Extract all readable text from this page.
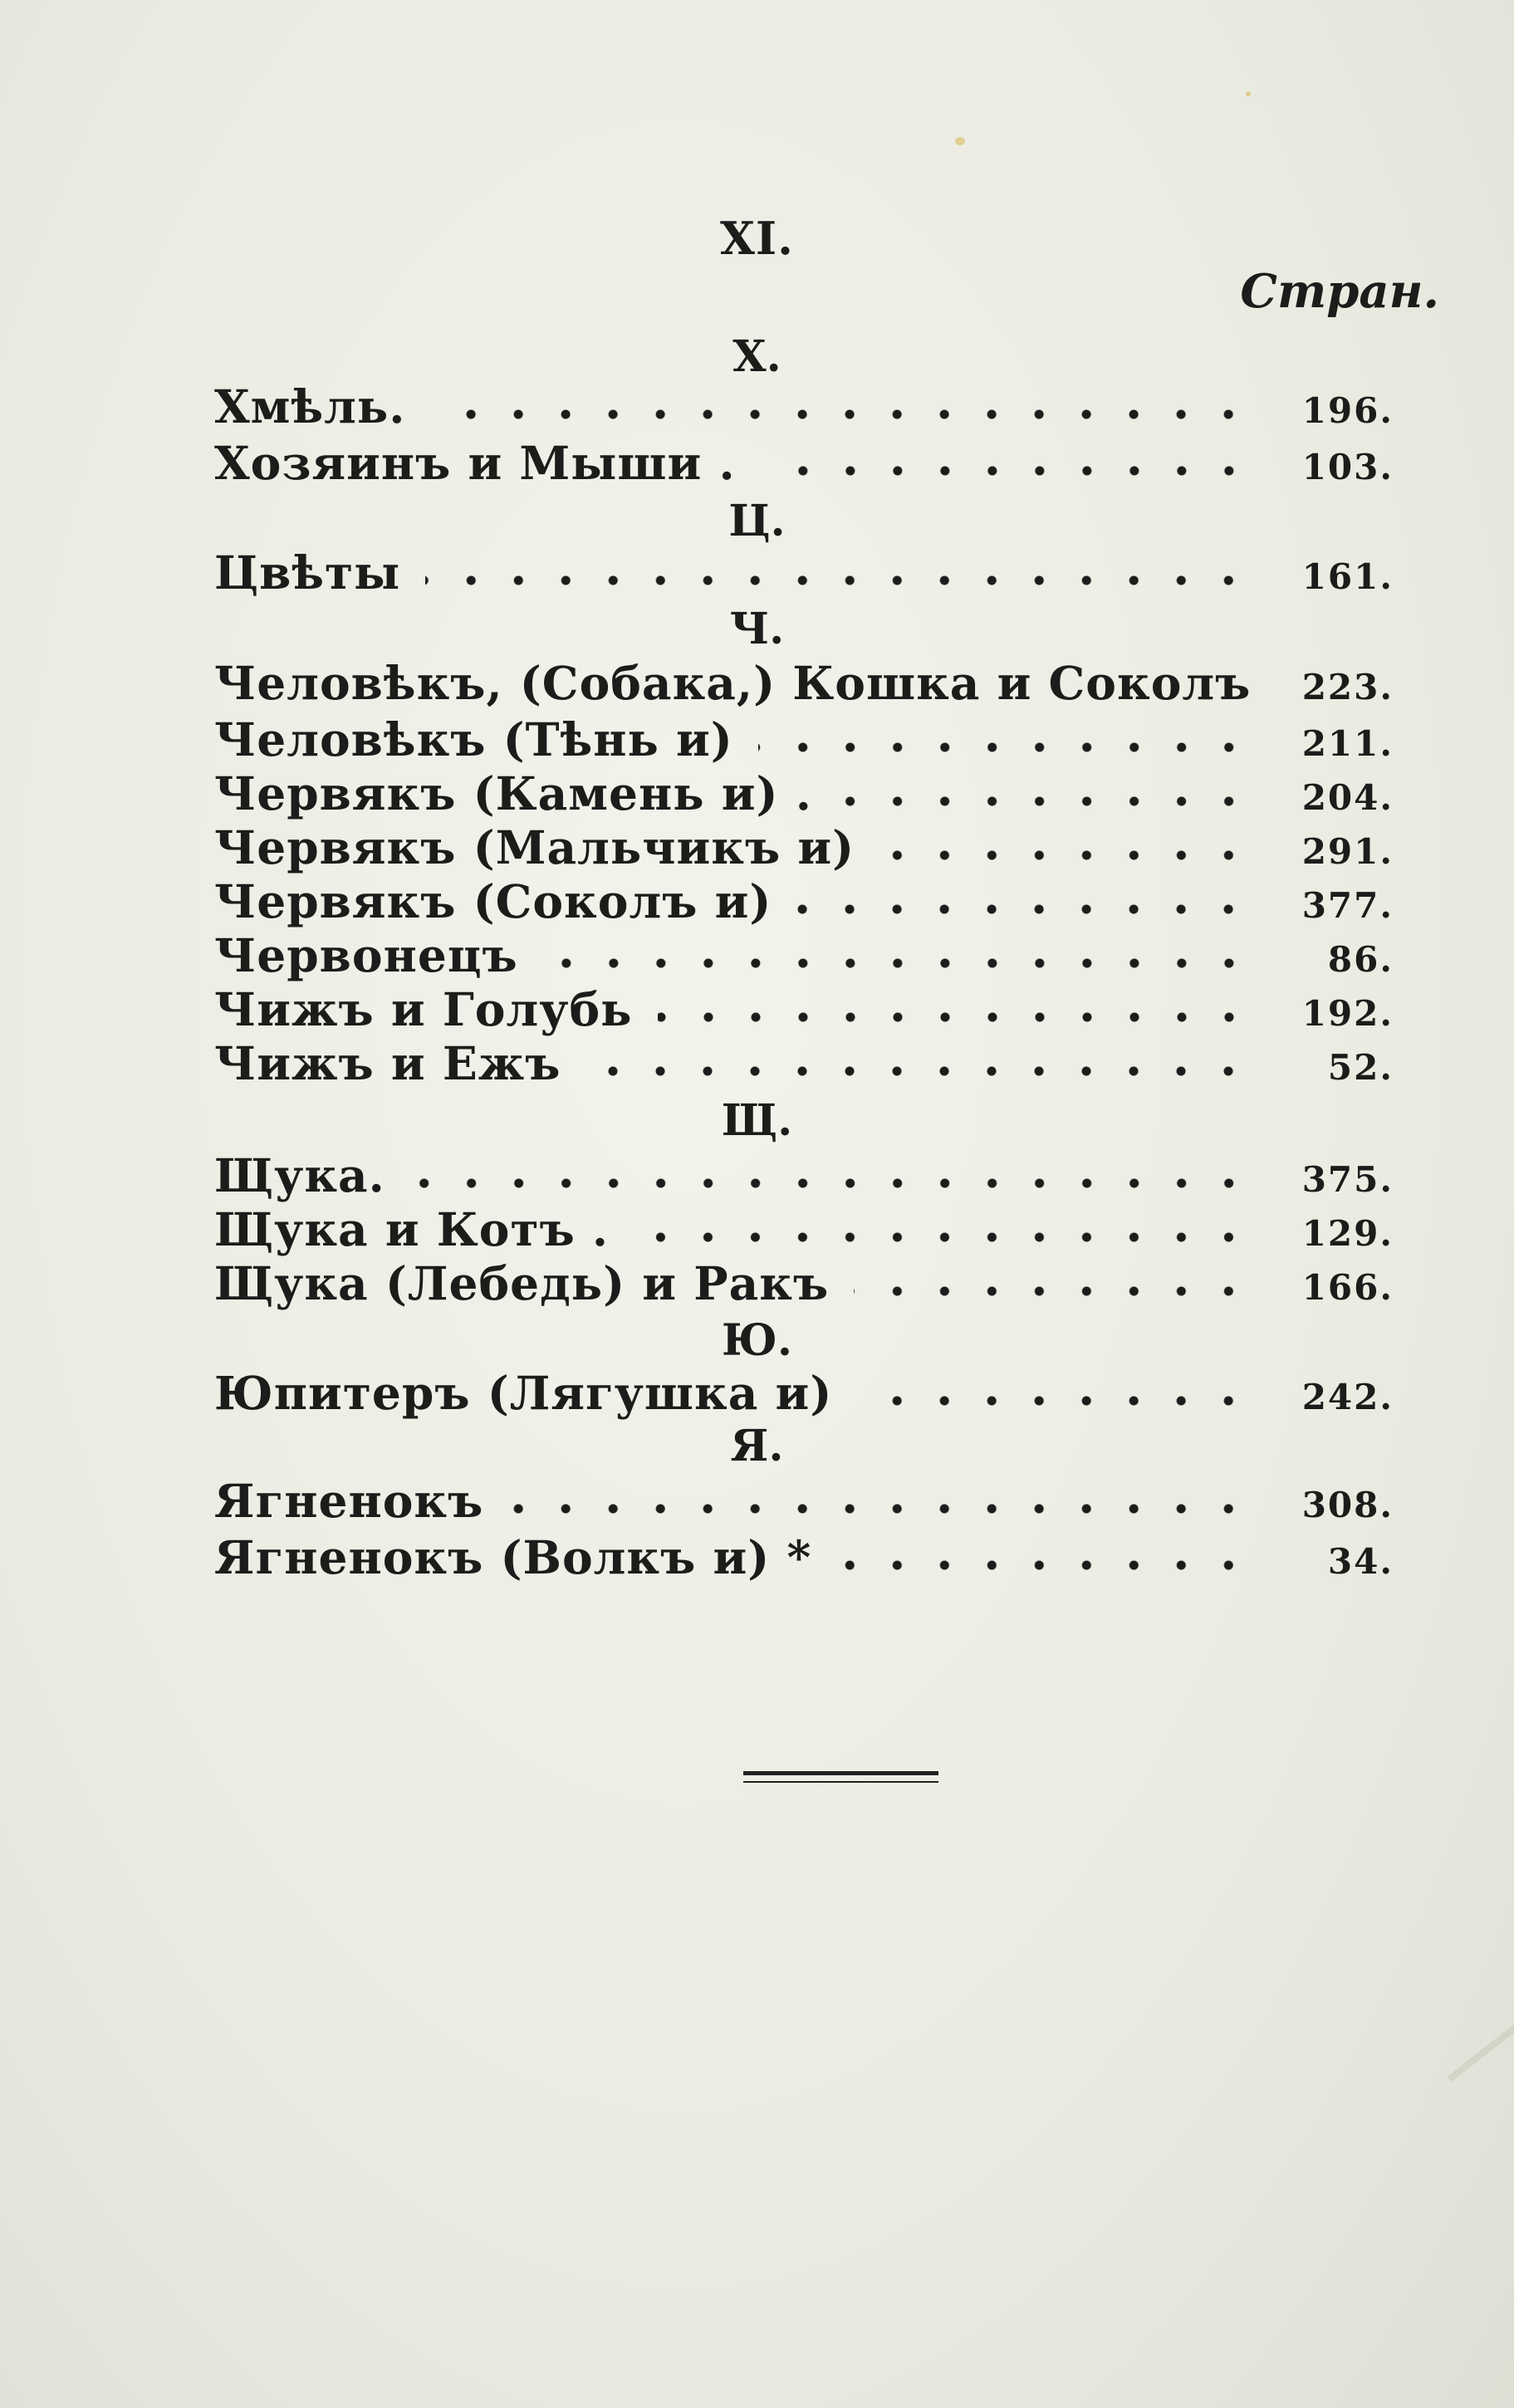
XI.
Стран.
Х.
Хмѣль.	196.
Хозяинъ и Мыши .	103.
Ц.
Цвѣты	161.
Ч.
Человѣкъ, (Собака,) Кошка и Соколъ	223.
Человѣкъ (Тѣнь и)	211.
Червякъ (Камень и) .	204.
Червякъ (Мальчикъ и)	291.
Червякъ (Соколъ и)	377.
Червонецъ	86.
Чижъ и Голубь	192.
Чижъ и Ежъ	52.
Щ.
Щука.	375.
Щука и Котъ .	129.
Щука (Лебедь) и Ракъ	166.
Ю.
Юпитеръ (Лягушка и)	242.
Я.
Ягненокъ	308.
Ягненокъ (Волкъ и) *	34.
